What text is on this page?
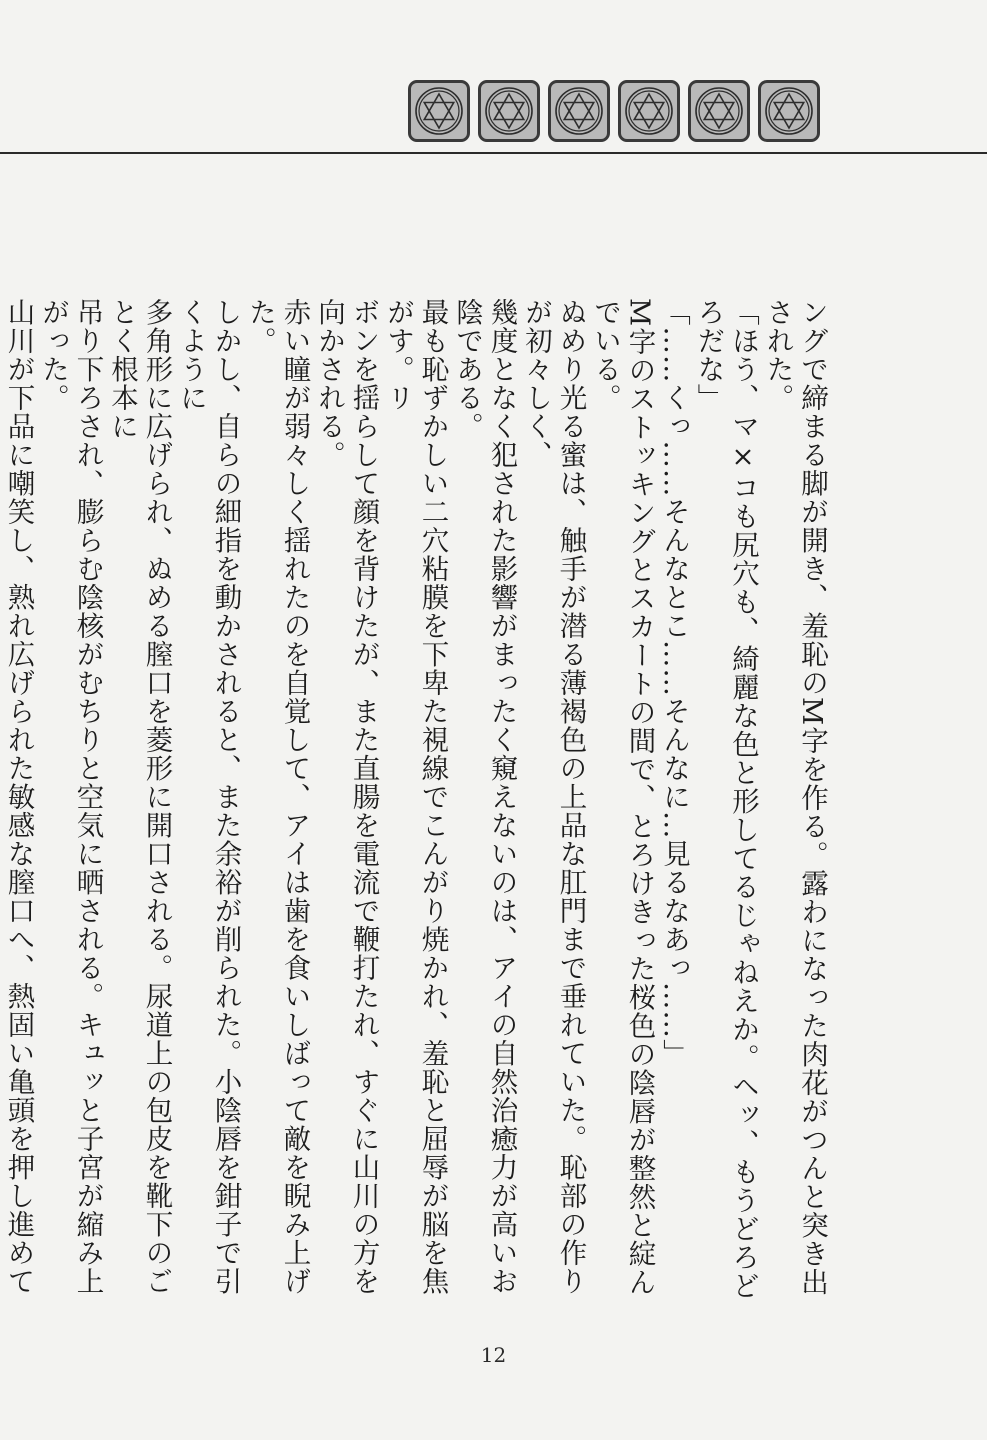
ングで締まる脚が開き、羞恥のM字を作る。露わになった肉花がつんと突き出された。

「ほう、マ×コも尻穴も、綺麗な色と形してるじゃねえか。ヘッ、もうどろどろだな」

「……くっ……そんなとこ……そんなに…見るなあっ……」

M字のストッキングとスカートの間で、とろけきった桜色の陰唇が整然と綻んでいる。

ぬめり光る蜜は、触手が潜る薄褐色の上品な肛門まで垂れていた。恥部の作りが初々しく、

幾度となく犯された影響がまったく窺えないのは、アイの自然治癒力が高いお陰である。

最も恥ずかしい二穴粘膜を下卑た視線でこんがり焼かれ、羞恥と屈辱が脳を焦がす。リ

ボンを揺らして顔を背けたが、また直腸を電流で鞭打たれ、すぐに山川の方を向かされる。

赤い瞳が弱々しく揺れたのを自覚して、アイは歯を食いしばって敵を睨み上げた。

しかし、自らの細指を動かされると、また余裕が削られた。小陰唇を鉗子で引くように

多角形に広げられ、ぬめる膣口を菱形に開口される。尿道上の包皮を靴下のごとく根本に

吊り下ろされ、膨らむ陰核がむちりと空気に晒される。キュッと子宮が縮み上がった。

山川が下品に嘲笑し、熟れ広げられた敏感な膣口へ、熱固い亀頭を押し進めて

12
